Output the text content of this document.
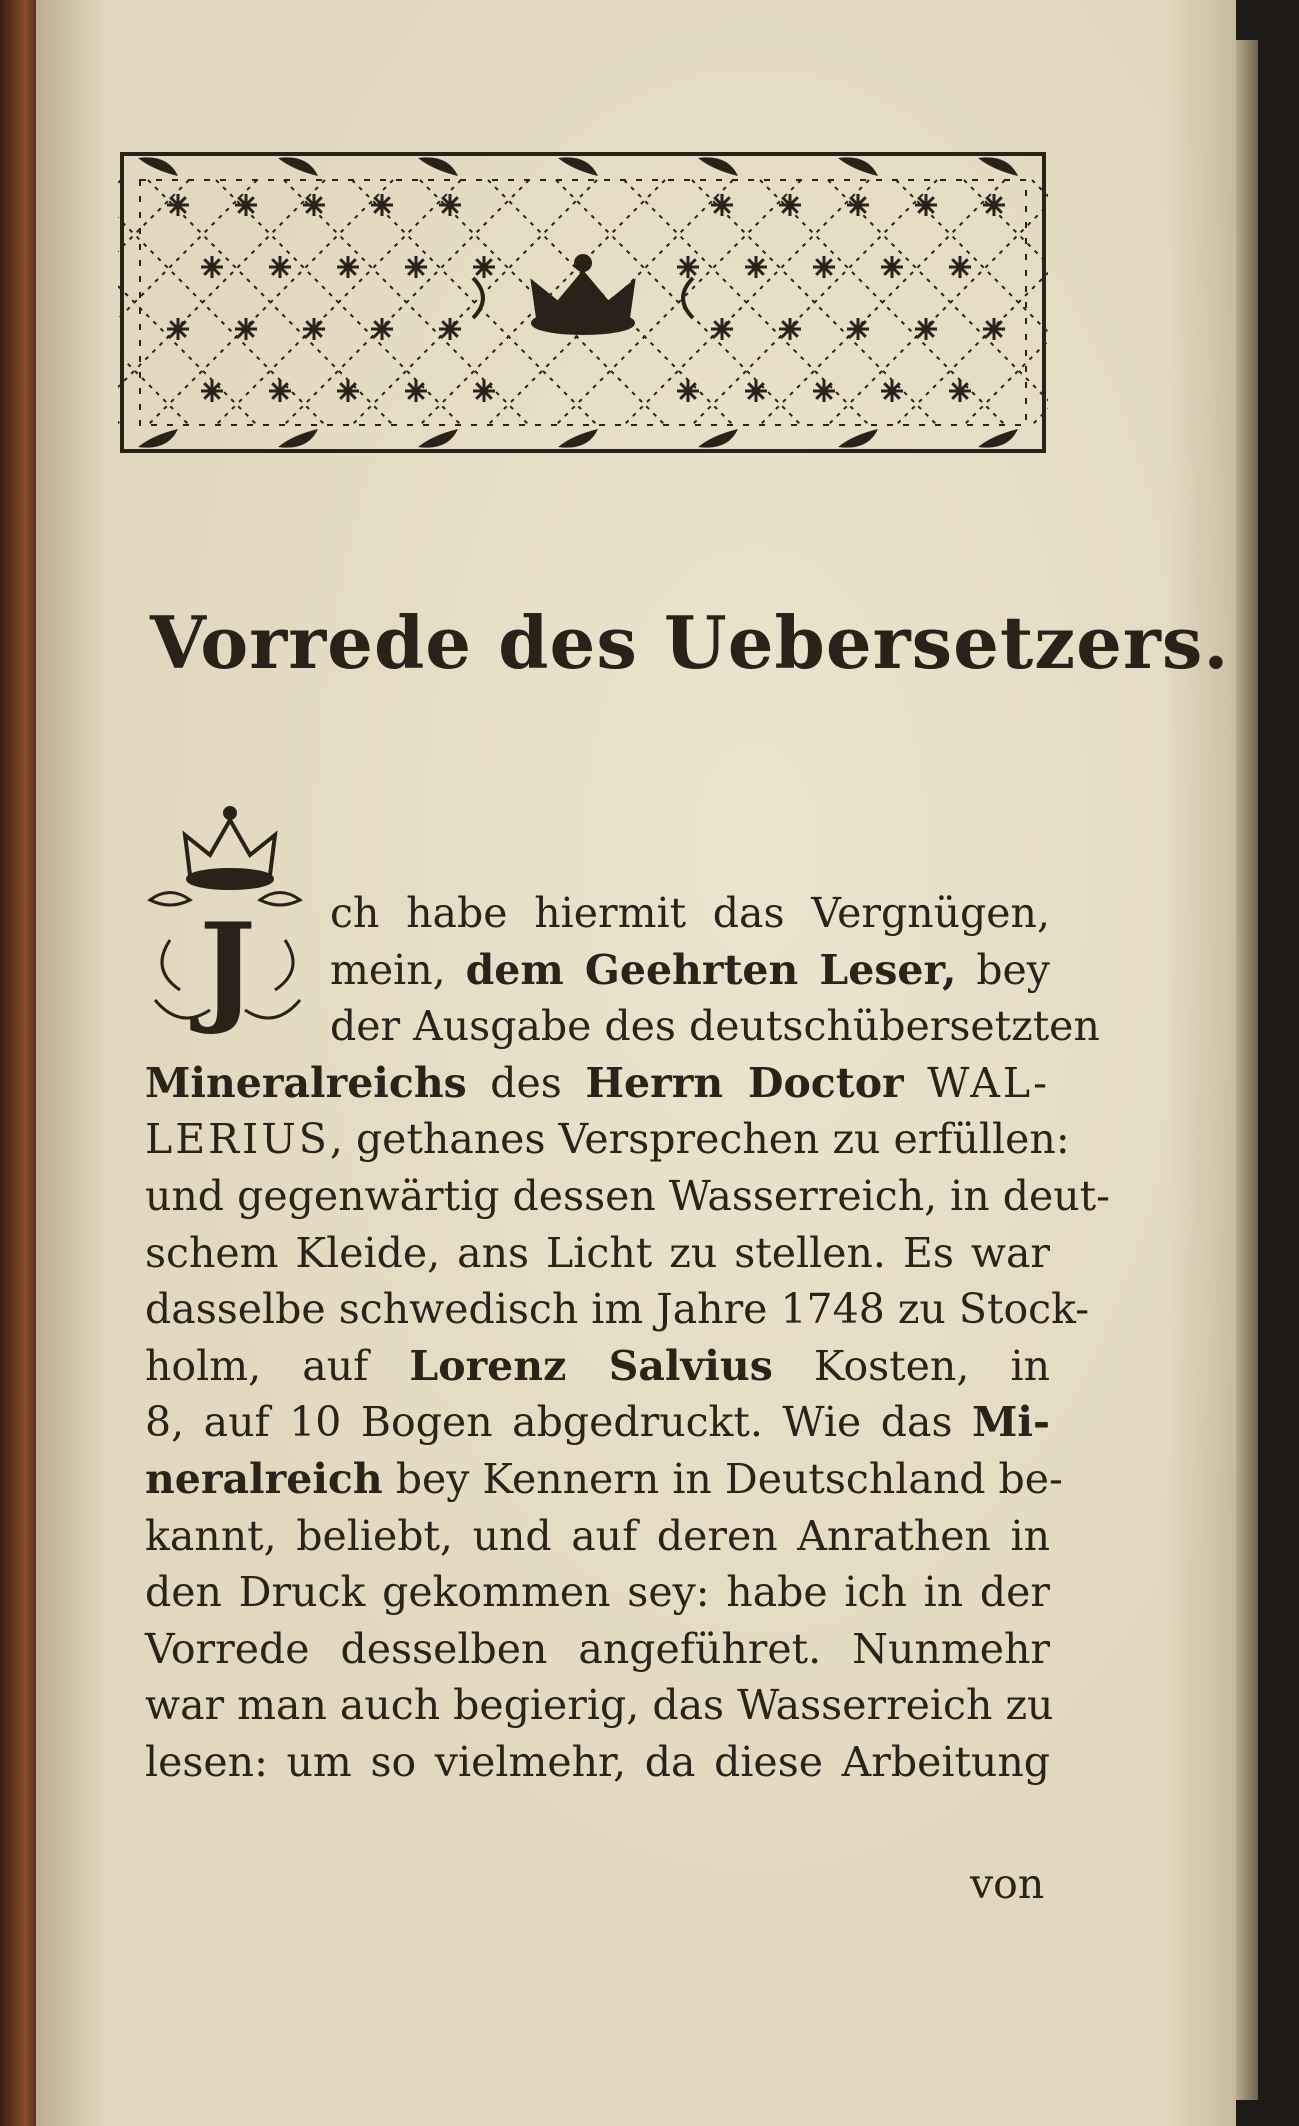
Vorrede des Uebersetzers.
J	ch habe hiermit das Vergnügen,
mein, dem Geehrten Leser, bey
der Ausgabe des deutschübersetzten
Mineralreichs des Herrn Doctor WAL-
LERIUS, gethanes Versprechen zu erfüllen:
und gegenwärtig dessen Wasserreich, in deut-
schem Kleide, ans Licht zu stellen. Es war
dasselbe schwedisch im Jahre 1748 zu Stock-
holm, auf Lorenz Salvius Kosten, in
8, auf 10 Bogen abgedruckt. Wie das Mi-
neralreich bey Kennern in Deutschland be-
kannt, beliebt, und auf deren Anrathen in
den Druck gekommen sey: habe ich in der
Vorrede desselben angeführet. Nunmehr
war man auch begierig, das Wasserreich zu
lesen: um so vielmehr, da diese Arbeitung
von
